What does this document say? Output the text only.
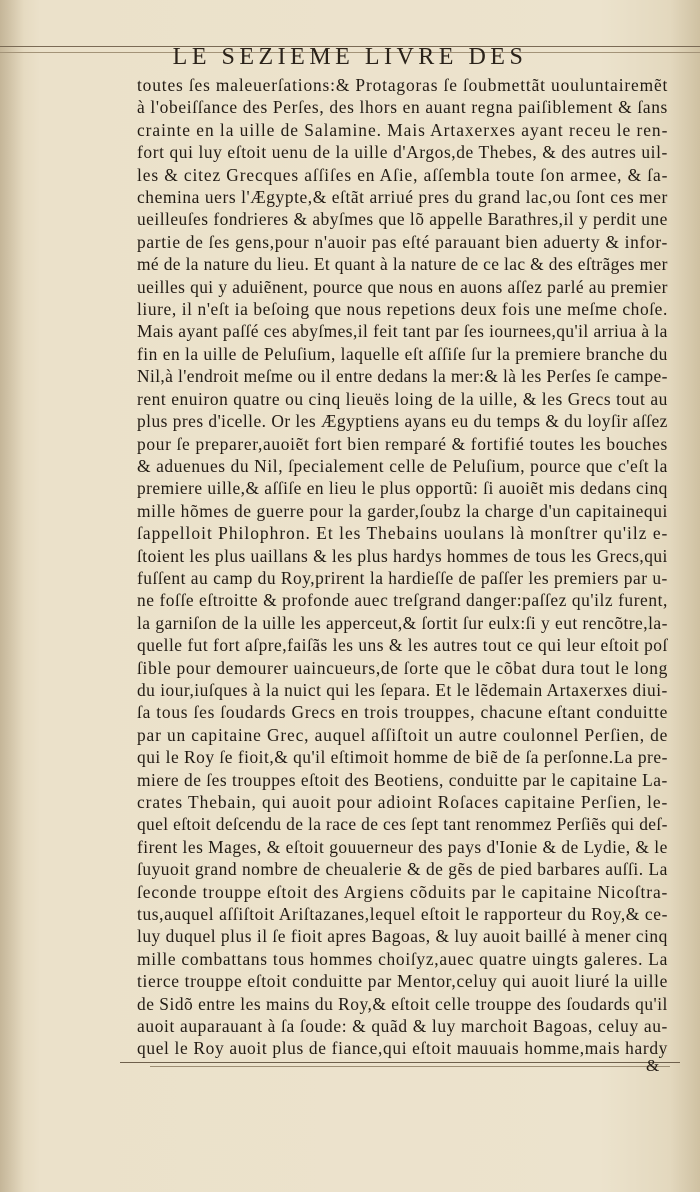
LE SEZIEME LIVRE DES
toutes ſes maleuerſations:& Protagoras ſe ſoubmettãt uouluntairemẽt
à l'obeiſſance des Perſes, des lhors en auant regna paiſiblement & ſans
crainte en la uille de Salamine. Mais Artaxerxes ayant receu le ren-
fort qui luy eſtoit uenu de la uille d'Argos,de Thebes, & des autres uil-
les & citez Grecques aſſiſes en Aſie, aſſembla toute ſon armee, & ſa-
chemina uers l'Ægypte,& eſtãt arriué pres du grand lac,ou ſont ces mer
ueilleuſes fondrieres & abyſmes que lõ appelle Barathres,il y perdit une
partie de ſes gens,pour n'auoir pas eſté parauant bien aduerty & infor-
mé de la nature du lieu. Et quant à la nature de ce lac & des eſtrãges mer
ueilles qui y aduiẽnent, pource que nous en auons aſſez parlé au premier
liure, il n'eſt ia beſoing que nous repetions deux fois une meſme choſe.
Mais ayant paſſé ces abyſmes,il feit tant par ſes iournees,qu'il arriua à la
fin en la uille de Peluſium, laquelle eſt aſſiſe ſur la premiere branche du
Nil,à l'endroit meſme ou il entre dedans la mer:& là les Perſes ſe campe-
rent enuiron quatre ou cinq lieuës loing de la uille, & les Grecs tout au
plus pres d'icelle. Or les Ægyptiens ayans eu du temps & du loyſir aſſez
pour ſe preparer,auoiẽt fort bien remparé & fortifié toutes les bouches
& aduenues du Nil, ſpecialement celle de Peluſium, pource que c'eſt la
premiere uille,& aſſiſe en lieu le plus opportũ: ſi auoiẽt mis dedans cinq
mille hõmes de guerre pour la garder,ſoubz la charge d'un capitainequi
ſappelloit Philophron. Et les Thebains uoulans là monſtrer qu'ilz e-
ſtoient les plus uaillans & les plus hardys hommes de tous les Grecs,qui
fuſſent au camp du Roy,prirent la hardieſſe de paſſer les premiers par u-
ne foſſe eſtroitte & profonde auec treſgrand danger:paſſez qu'ilz furent,
la garniſon de la uille les apperceut,& ſortit ſur eulx:ſi y eut rencõtre,la-
quelle fut fort aſpre,faiſãs les uns & les autres tout ce qui leur eſtoit poſ
ſible pour demourer uaincueurs,de ſorte que le cõbat dura tout le long
du iour,iuſques à la nuict qui les ſepara. Et le lẽdemain Artaxerxes diui-
ſa tous ſes ſoudards Grecs en trois trouppes, chacune eſtant conduitte
par un capitaine Grec, auquel aſſiſtoit un autre coulonnel Perſien, de
qui le Roy ſe fioit,& qu'il eſtimoit homme de biẽ de ſa perſonne.La pre-
miere de ſes trouppes eſtoit des Beotiens, conduitte par le capitaine La-
crates Thebain, qui auoit pour adioint Roſaces capitaine Perſien, le-
quel eſtoit deſcendu de la race de ces ſept tant renommez Perſiẽs qui deſ-
firent les Mages, & eſtoit gouuerneur des pays d'Ionie & de Lydie, & le
ſuyuoit grand nombre de cheualerie & de gẽs de pied barbares auſſi. La
ſeconde trouppe eſtoit des Argiens cõduits par le capitaine Nicoſtra-
tus,auquel aſſiſtoit Ariſtazanes,lequel eſtoit le rapporteur du Roy,& ce-
luy duquel plus il ſe fioit apres Bagoas, & luy auoit baillé à mener cinq
mille combattans tous hommes choiſyz,auec quatre uingts galeres. La
tierce trouppe eſtoit conduitte par Mentor,celuy qui auoit liuré la uille
de Sidõ entre les mains du Roy,& eſtoit celle trouppe des ſoudards qu'il
auoit auparauant à ſa ſoude: & quãd & luy marchoit Bagoas, celuy au-
quel le Roy auoit plus de fiance,qui eſtoit mauuais homme,mais hardy
&
